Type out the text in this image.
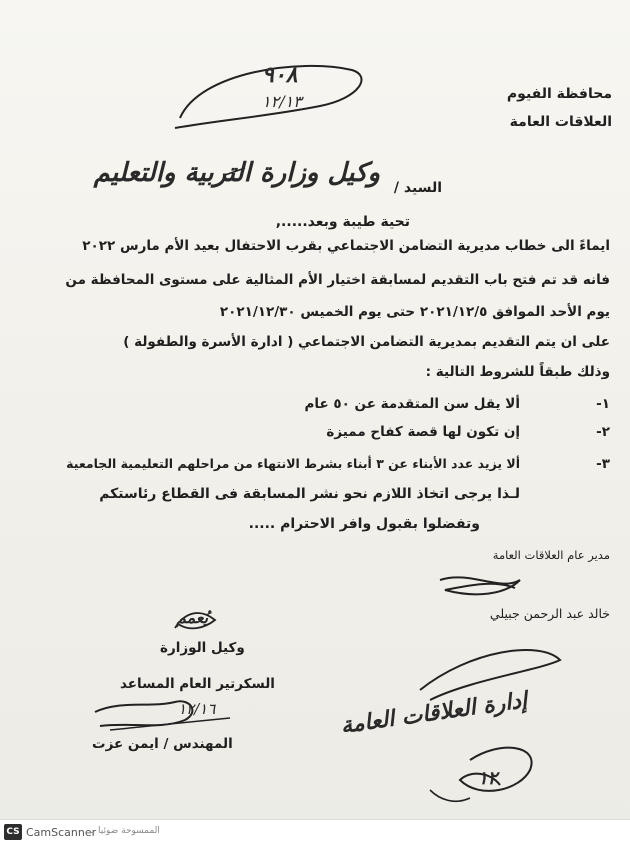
محافظة الفيوم
العلاقات العامة
٩٠٨
١٢/١٣
السيد /
وكيل وزارة التربية والتعليم
تحية طيبة وبعد.....,
ايماءً الى خطاب مديرية التضامن الاجتماعي بقرب الاحتفال بعيد الأم مارس ٢٠٢٢
فانه قد تم فتح باب التقديم لمسابقة اختيار الأم المثالية على مستوى المحافظة من
يوم الأحد الموافق ٢٠٢١/١٢/٥ حتى يوم الخميس ٢٠٢١/١٢/٣٠
على ان يتم التقديم بمديرية التضامن الاجتماعي ( ادارة الأسرة والطفولة )
وذلك طبقاً للشروط التالية :
١-
ألا يقل سن المتقدمة عن ٥٠ عام
٢-
إن تكون لها قصة كفاح مميزة
٣-
ألا يزيد عدد الأبناء عن ٣ أبناء بشرط الانتهاء من مراحلهم التعليمية الجامعية
لـذا يرجى اتخاذ اللازم نحو نشر المسابقة فى القطاع رئاستكم
وتفضلوا بقبول وافر الاحترام .....
مدير عام العلاقات العامة
خالد عبد الرحمن جبيلي
يُعمم
وكيل الوزارة
السكرتير العام المساعد
١٢/١٦
المهندس / ايمن عزت
إدارة العلاقات العامة
١٢
CS CamScanner
الممسوحة ضوئيا بـ
